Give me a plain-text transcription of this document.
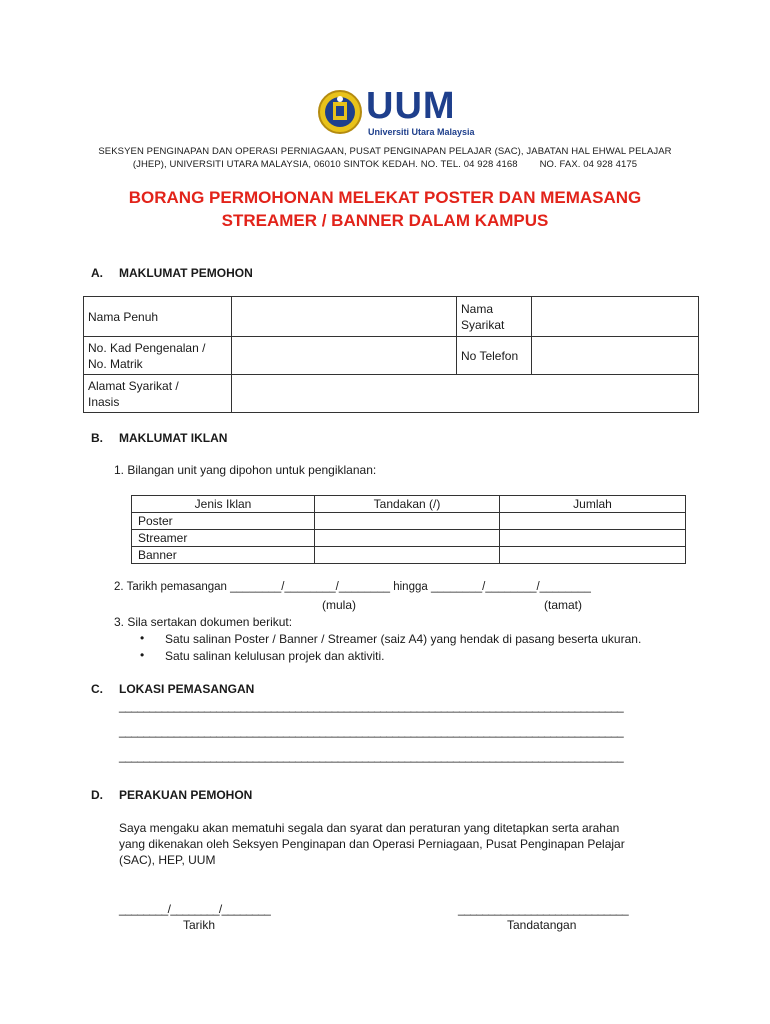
UUM
Universiti Utara Malaysia
SEKSYEN PENGINAPAN DAN OPERASI PERNIAGAAN, PUSAT PENGINAPAN PELAJAR (SAC), JABATAN HAL EHWAL PELAJAR
(JHEP), UNIVERSITI UTARA MALAYSIA, 06010 SINTOK KEDAH. NO. TEL. 04 928 4168        NO. FAX. 04 928 4175
BORANG PERMOHONAN MELEKAT POSTER DAN MEMASANG
STREAMER / BANNER DALAM KAMPUS
A. MAKLUMAT PEMOHON
Nama Penuh		Nama
Syarikat	

No. Kad Pengenalan /
No. Matrik		No Telefon	

Alamat Syarikat /
Inasis			

B. MAKLUMAT IKLAN
1. Bilangan unit yang dipohon untuk pengiklanan:
Jenis Iklan	Tandakan (/)	Jumlah
Poster		
Streamer		
Banner		
2. Tarikh pemasangan ________/________/________ hingga ________/________/________
(mula)	(tamat)
3. Sila sertakan dokumen berikut:
• Satu salinan Poster / Banner / Streamer (saiz A4) yang hendak di pasang beserta ukuran.
• Satu salinan kelulusan projek dan aktiviti.
C. LOKASI PEMASANGAN
___________________________________________________________________________________
___________________________________________________________________________________
___________________________________________________________________________________
D. PERAKUAN PEMOHON
Saya mengaku akan mematuhi segala dan syarat dan peraturan yang ditetapkan serta arahan
yang dikenakan oleh Seksyen Penginapan dan Operasi Perniagaan, Pusat Penginapan Pelajar
(SAC), HEP, UUM
________/________/________
Tarikh
____________________________
Tandatangan
